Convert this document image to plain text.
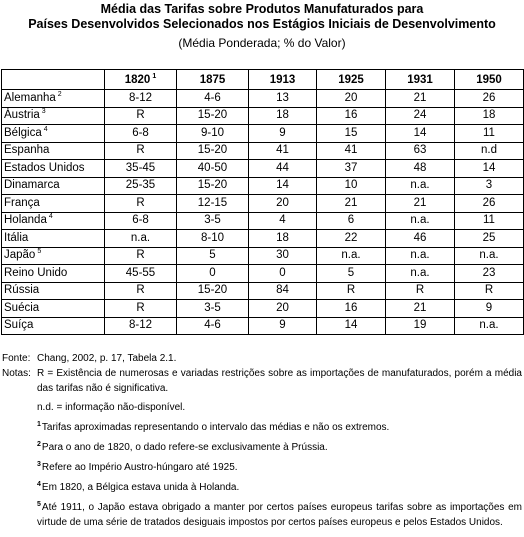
Média das Tarifas sobre Produtos Manufaturados para
Países Desenvolvidos Selecionados nos Estágios Iniciais de Desenvolvimento
(Média Ponderada; % do Valor)
	1820 $^1$	1875	1913	1925	1931	1950
Alemanha $^2$	8-12	4-6	13	20	21	26
Áustria $^3$	R	15-20	18	16	24	18
Bélgica $^4$	6-8	9-10	9	15	14	11
Espanha	R	15-20	41	41	63	n.d
Estados Unidos	35-45	40-50	44	37	48	14
Dinamarca	25-35	15-20	14	10	n.a.	3
França	R	12-15	20	21	21	26
Holanda $^4$	6-8	3-5	4	6	n.a.	11
Itália	n.a.	8-10	18	22	46	25
Japão $^5$	R	5	30	n.a.	n.a.	n.a.
Reino Unido	45-55	0	0	5	n.a.	23
Rússia	R	15-20	84	R	R	R
Suécia	R	3-5	20	16	21	9
Suíça	8-12	4-6	9	14	19	n.a.
Fonte: Chang, 2002, p. 17, Tabela 2.1.
Notas: R = Existência de numerosas e variadas restrições sobre as importações de manufaturados, porém a média das tarifas não é significativa.
n.d. = informação não-disponível.
$^1$Tarifas aproximadas representando o intervalo das médias e não os extremos.
$^2$Para o ano de 1820, o dado refere-se exclusivamente à Prússia.
$^3$Refere ao Império Austro-húngaro até 1925.
$^4$Em 1820, a Bélgica estava unida à Holanda.
$^5$Até 1911, o Japão estava obrigado a manter por certos países europeus tarifas sobre as importações em virtude de uma série de tratados desiguais impostos por certos países europeus e pelos Estados Unidos.
